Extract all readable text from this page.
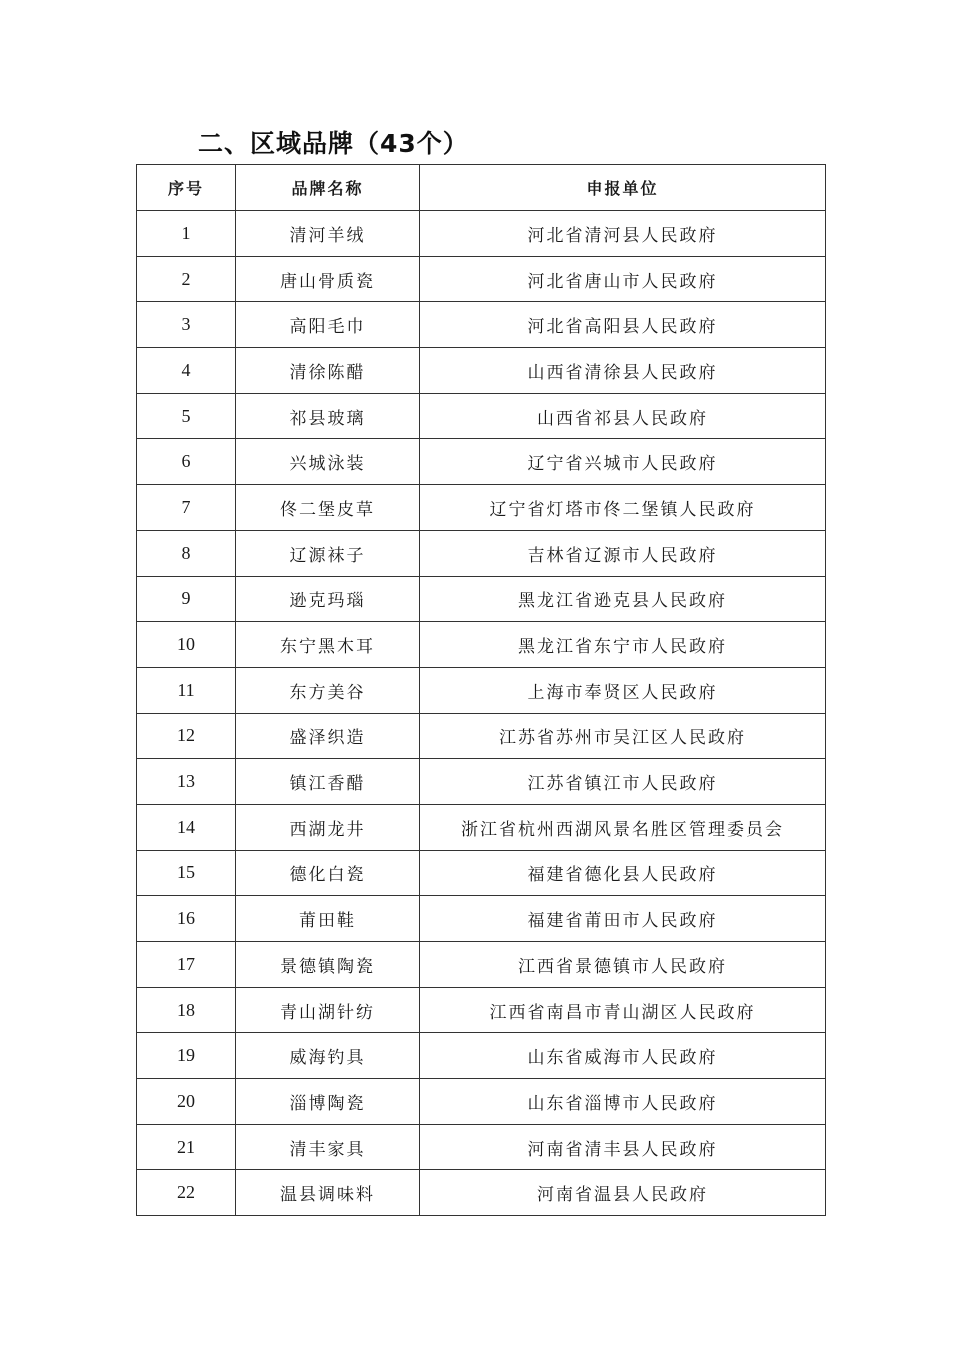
二、区域品牌（43个）
序号	品牌名称	申报单位
1	清河羊绒	河北省清河县人民政府
2	唐山骨质瓷	河北省唐山市人民政府
3	高阳毛巾	河北省高阳县人民政府
4	清徐陈醋	山西省清徐县人民政府
5	祁县玻璃	山西省祁县人民政府
6	兴城泳装	辽宁省兴城市人民政府
7	佟二堡皮草	辽宁省灯塔市佟二堡镇人民政府
8	辽源袜子	吉林省辽源市人民政府
9	逊克玛瑙	黑龙江省逊克县人民政府
10	东宁黑木耳	黑龙江省东宁市人民政府
11	东方美谷	上海市奉贤区人民政府
12	盛泽织造	江苏省苏州市吴江区人民政府
13	镇江香醋	江苏省镇江市人民政府
14	西湖龙井	浙江省杭州西湖风景名胜区管理委员会
15	德化白瓷	福建省德化县人民政府
16	莆田鞋	福建省莆田市人民政府
17	景德镇陶瓷	江西省景德镇市人民政府
18	青山湖针纺	江西省南昌市青山湖区人民政府
19	威海钓具	山东省威海市人民政府
20	淄博陶瓷	山东省淄博市人民政府
21	清丰家具	河南省清丰县人民政府
22	温县调味料	河南省温县人民政府
